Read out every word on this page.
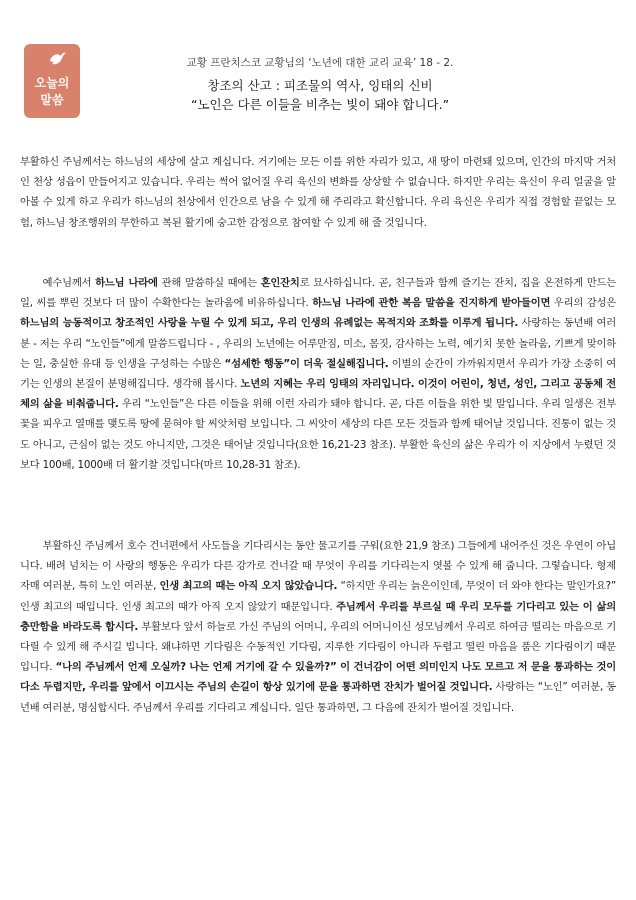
오늘의
말씀
교황 프란치스코 교황님의 ‘노년에 대한 교리 교육’ 18 - 2.
창조의 산고 : 피조물의 역사, 잉태의 신비
“노인은 다른 이들을 비추는 빛이 돼야 합니다.”
부활하신 주님께서는 하느님의 세상에 살고 계십니다. 거기에는 모든 이를 위한 자리가 있고, 새 땅이 마련돼 있으며, 인간의 마지막 거처인 천상 성읍이 만들어지고 있습니다. 우리는 썩어 없어질 우리 육신의 변화를 상상할 수 없습니다. 하지만 우리는 육신이 우리 얼굴을 알아볼 수 있게 하고 우리가 하느님의 천상에서 인간으로 남을 수 있게 해 주리라고 확신합니다. 우리 육신은 우리가 직접 경험할 끝없는 모험, 하느님 창조행위의 무한하고 복된 활기에 숭고한 감정으로 참여할 수 있게 해 줄 것입니다.
예수님께서 하느님 나라에 관해 말씀하실 때에는 혼인잔치로 묘사하십니다. 곧, 친구들과 함께 즐기는 잔치, 집을 온전하게 만드는 일, 씨를 뿌린 것보다 더 많이 수확한다는 놀라움에 비유하십니다. 하느님 나라에 관한 복음 말씀을 진지하게 받아들이면 우리의 감성은 하느님의 능동적이고 창조적인 사랑을 누릴 수 있게 되고, 우리 인생의 유례없는 목적지와 조화를 이루게 됩니다. 사랑하는 동년배 여러분 - 저는 우리 “노인들”에게 말씀드립니다 - , 우리의 노년에는 어루만짐, 미소, 몸짓, 감사하는 노력, 예기치 못한 놀라움, 기쁘게 맞이하는 일, 충실한 유대 등 인생을 구성하는 수많은 “섬세한 행동”이 더욱 절실해집니다. 이별의 순간이 가까워지면서 우리가 가장 소중히 여기는 인생의 본질이 분명해집니다. 생각해 봅시다. 노년의 지혜는 우리 잉태의 자리입니다. 이것이 어린이, 청년, 성인, 그리고 공동체 전체의 삶을 비춰줍니다. 우리 “노인들”은 다른 이들을 위해 이런 자리가 돼야 합니다. 곧, 다른 이들을 위한 빛 말입니다. 우리 일생은 전부 꽃을 피우고 열매를 맺도록 땅에 묻혀야 할 씨앗처럼 보입니다. 그 씨앗이 세상의 다른 모든 것들과 함께 태어날 것입니다. 진통이 없는 것도 아니고, 근심이 없는 것도 아니지만, 그것은 태어날 것입니다(요한 16,21-23 참조). 부활한 육신의 삶은 우리가 이 지상에서 누렸던 것보다 100배, 1000배 더 활기찰 것입니다(마르 10,28-31 참조).
부활하신 주님께서 호수 건너편에서 사도들을 기다리시는 동안 물고기를 구워(요한 21,9 참조) 그들에게 내어주신 것은 우연이 아닙니다. 배려 넘치는 이 사랑의 행동은 우리가 다른 강가로 건너갈 때 무엇이 우리를 기다리는지 엿볼 수 있게 해 줍니다. 그렇습니다. 형제자매 여러분, 특히 노인 여러분, 인생 최고의 때는 아직 오지 않았습니다. “하지만 우리는 늙은이인데, 무엇이 더 와야 한다는 말인가요?” 인생 최고의 때입니다. 인생 최고의 때가 아직 오지 않았기 때문입니다. 주님께서 우리를 부르실 때 우리 모두를 기다리고 있는 이 삶의 충만함을 바라도록 합시다. 부활보다 앞서 하늘로 가신 주님의 어머니, 우리의 어머니이신 성모님께서 우리로 하여금 떨리는 마음으로 기다릴 수 있게 해 주시길 빕니다. 왜냐하면 기다림은 수동적인 기다림, 지루한 기다림이 아니라 두렵고 떨린 마음을 품은 기다림이기 때문입니다. “나의 주님께서 언제 오실까? 나는 언제 거기에 갈 수 있을까?” 이 건너감이 어떤 의미인지 나도 모르고 저 문을 통과하는 것이 다소 두렵지만, 우리를 앞에서 이끄시는 주님의 손길이 항상 있기에 문을 통과하면 잔치가 벌어질 것입니다. 사랑하는 “노인” 여러분, 동년배 여러분, 명심합시다. 주님께서 우리를 기다리고 계십니다. 일단 통과하면, 그 다음에 잔치가 벌어질 것입니다.
